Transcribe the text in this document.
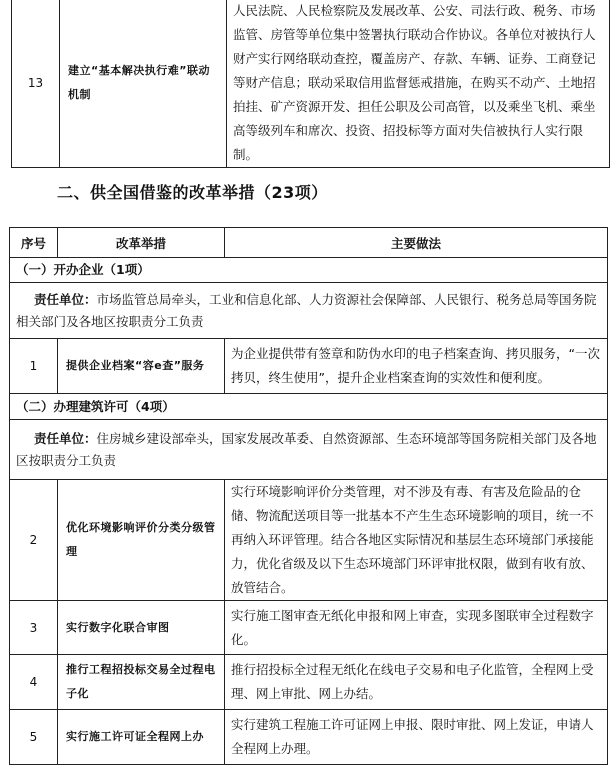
13	建立“基本解决执行难”联动机制	人民法院、人民检察院及发展改革、公安、司法行政、税务、市场监管、房管等单位集中签署执行联动合作协议。各单位对被执行人财产实行网络联动查控，覆盖房产、存款、车辆、证券、工商登记等财产信息；联动采取信用监督惩戒措施，在购买不动产、土地招拍挂、矿产资源开发、担任公职及公司高管，以及乘坐飞机、乘坐高等级列车和席次、投资、招投标等方面对失信被执行人实行限制。
二、供全国借鉴的改革举措（23项）
序号	改革举措	主要做法
（一）开办企业（1项）		
责任单位：市场监管总局牵头，工业和信息化部、人力资源社会保障部、人民银行、税务总局等国务院相关部门及各地区按职责分工负责		
1	提供企业档案“容e查”服务	为企业提供带有签章和防伪水印的电子档案查询、拷贝服务，“一次拷贝，终生使用”，提升企业档案查询的实效性和便利度。
（二）办理建筑许可（4项）		
责任单位：住房城乡建设部牵头，国家发展改革委、自然资源部、生态环境部等国务院相关部门及各地区按职责分工负责		
2	优化环境影响评价分类分级管理	实行环境影响评价分类管理，对不涉及有毒、有害及危险品的仓储、物流配送项目等一批基本不产生生态环境影响的项目，统一不再纳入环评管理。结合各地区实际情况和基层生态环境部门承接能力，优化省级及以下生态环境部门环评审批权限，做到有收有放、放管结合。
3	实行数字化联合审图	实行施工图审查无纸化申报和网上审查，实现多图联审全过程数字化。
4	推行工程招投标交易全过程电子化	推行招投标全过程无纸化在线电子交易和电子化监管，全程网上受理、网上审批、网上办结。
5	实行施工许可证全程网上办	实行建筑工程施工许可证网上申报、限时审批、网上发证，申请人全程网上办理。
